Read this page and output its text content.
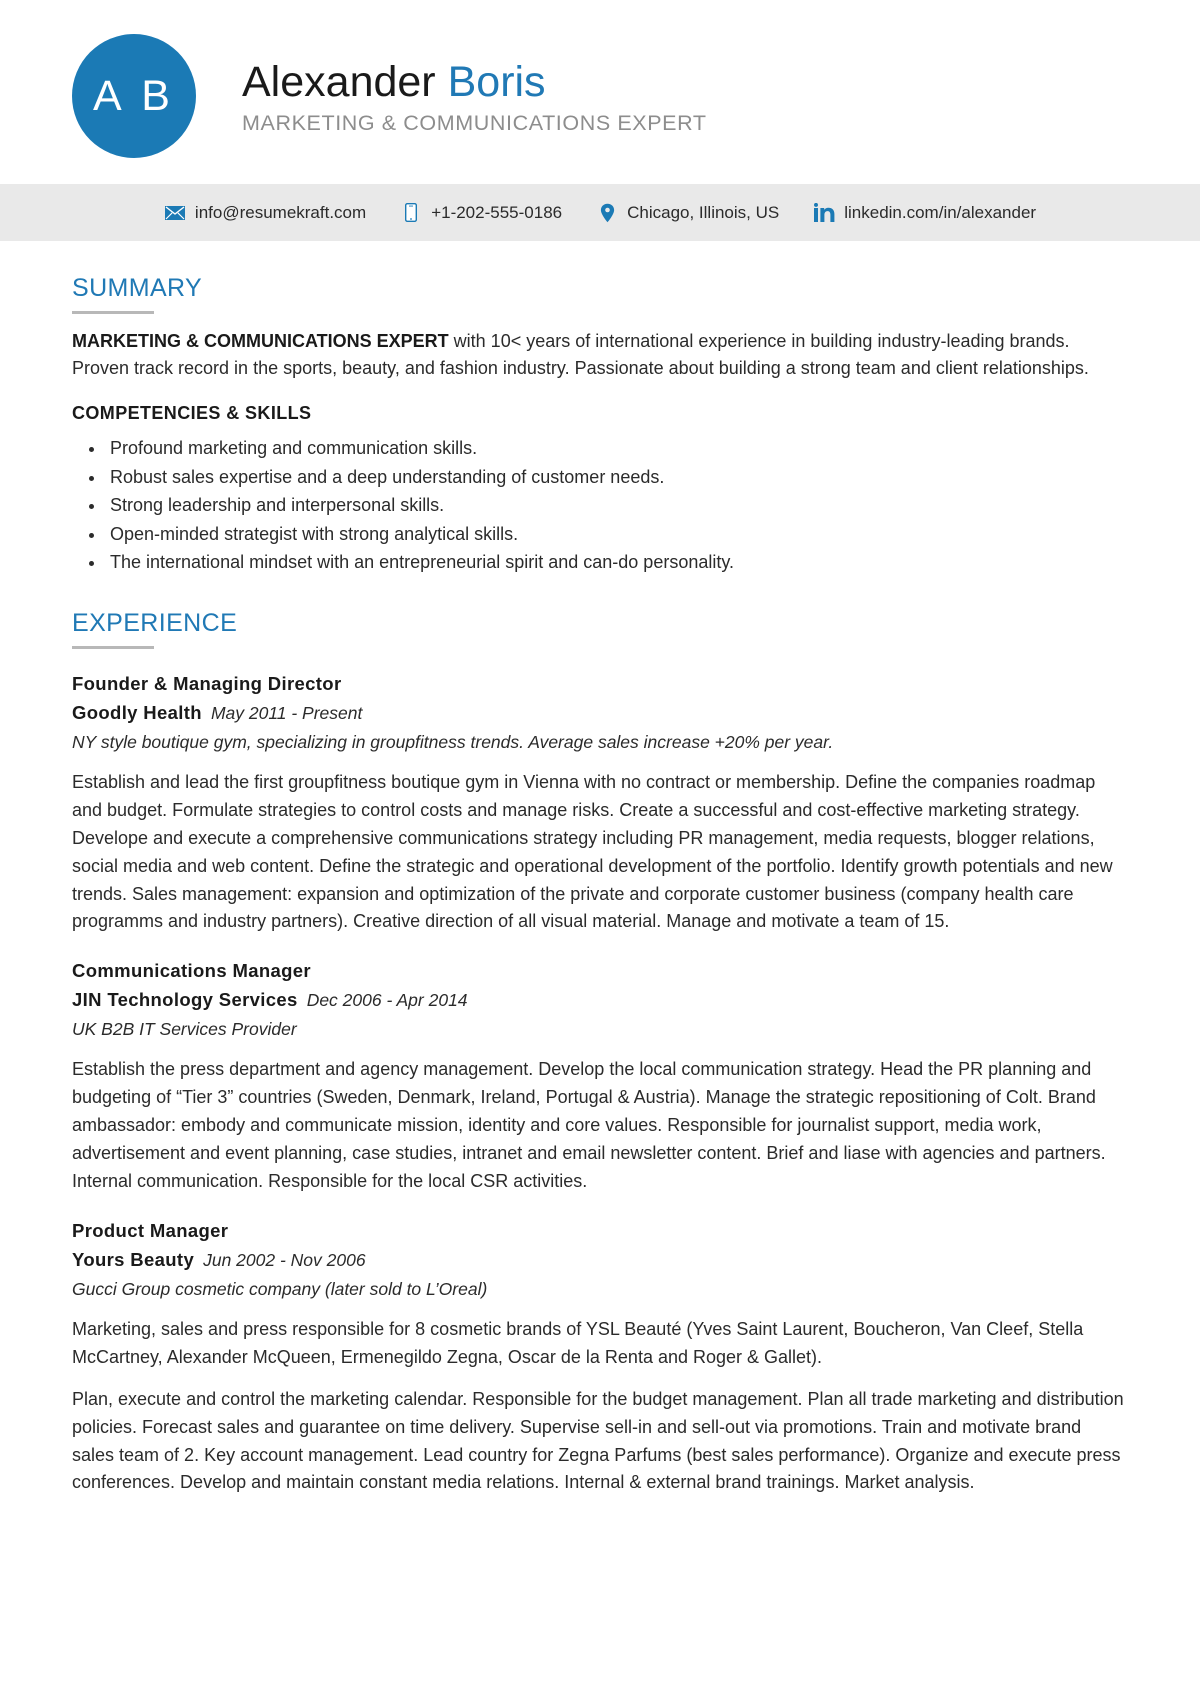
A B Alexander Boris
MARKETING & COMMUNICATIONS EXPERT
info@resumekraft.com	+1-202-555-0186	Chicago, Illinois, US	linkedin.com/in/alexander
SUMMARY

MARKETING & COMMUNICATIONS EXPERT with 10< years of international experience in building industry-leading brands. Proven track record in the sports, beauty, and fashion industry. Passionate about building a strong team and client relationships.

COMPETENCIES & SKILLS
• Profound marketing and communication skills.
• Robust sales expertise and a deep understanding of customer needs.
• Strong leadership and interpersonal skills.
• Open-minded strategist with strong analytical skills.
• The international mindset with an entrepreneurial spirit and can-do personality.
EXPERIENCE
Founder & Managing Director
Goodly Health May 2011 - Present
NY style boutique gym, specializing in groupfitness trends. Average sales increase +20% per year.

Establish and lead the first groupfitness boutique gym in Vienna with no contract or membership. Define the companies roadmap and budget. Formulate strategies to control costs and manage risks. Create a successful and cost-effective marketing strategy. Develope and execute a comprehensive communications strategy including PR management, media requests, blogger relations, social media and web content. Define the strategic and operational development of the portfolio. Identify growth potentials and new trends. Sales management: expansion and optimization of the private and corporate customer business (company health care programms and industry partners). Creative direction of all visual material. Manage and motivate a team of 15.

Communications Manager
JIN Technology Services Dec 2006 - Apr 2014
UK B2B IT Services Provider

Establish the press department and agency management. Develop the local communication strategy. Head the PR planning and budgeting of “Tier 3” countries (Sweden, Denmark, Ireland, Portugal & Austria). Manage the strategic repositioning of Colt. Brand ambassador: embody and communicate mission, identity and core values. Responsible for journalist support, media work, advertisement and event planning, case studies, intranet and email newsletter content. Brief and liase with agencies and partners. Internal communication. Responsible for the local CSR activities.

Product Manager
Yours Beauty Jun 2002 - Nov 2006
Gucci Group cosmetic company (later sold to L’Oreal)

Marketing, sales and press responsible for 8 cosmetic brands of YSL Beauté (Yves Saint Laurent, Boucheron, Van Cleef, Stella McCartney, Alexander McQueen, Ermenegildo Zegna, Oscar de la Renta and Roger & Gallet).

Plan, execute and control the marketing calendar. Responsible for the budget management. Plan all trade marketing and distribution policies. Forecast sales and guarantee on time delivery. Supervise sell-in and sell-out via promotions. Train and motivate brand sales team of 2. Key account management. Lead country for Zegna Parfums (best sales performance). Organize and execute press conferences. Develop and maintain constant media relations. Internal & external brand trainings. Market analysis.
